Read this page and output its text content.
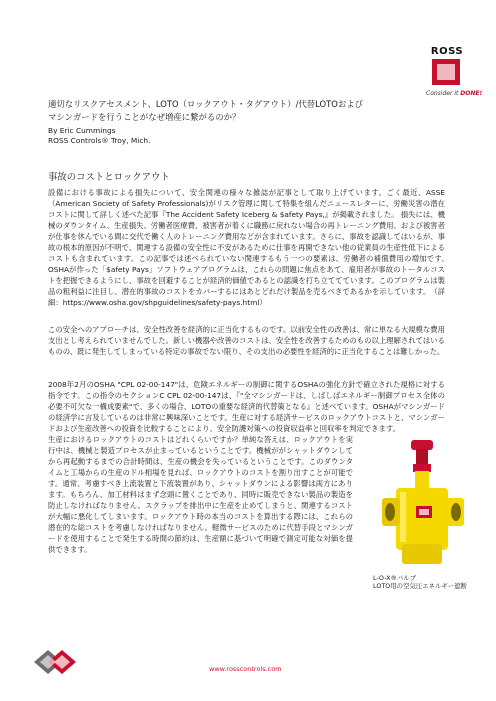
ROSS
Consider it DONE!
適切なリスクアセスメント、LOTO（ロックアウト・タグアウト）/代替LOTOおよび
マシンガードを行うことがなぜ増産に繋がるのか？
By Eric Cummings
ROSS Controls® Troy, Mich.
事故のコストとロックアウト
設備における事故による損失について、安全関連の様々な雑誌が記事として取り上げています。ごく最近、ASSE（American Society of Safety Professionals)がリスク管理に関して特集を組んだニュースレターに、労働災害の潜在コストに関して詳しく述べた記事『The Accident Safety Iceberg & $afety Pays,』が掲載されました。 損失には、機械のダウンタイム、生産損失、労働者医療費、被害者が着くに職務に戻れない場合の再トレーニング費用、および被害者が仕事を休んでいる間に交代で働く人のトレーニング費用などが含まれています。さらに、事故を認識してはいるが、事故の根本的原因が不明で、関連する設備の安全性に不安があるために仕事を再開できない他の従業員の生産性低下によるコストも含まれています。この記事では述べられていない関連するもう一つの要素は、労働者の補償費用の増加です。　OSHAが作った「$afety Pays」ソフトウェアプログラムは、これらの問題に焦点をあて、雇用者が事故のトータルコストを把握できるようにし、事故を回避することが経済的価値であるとの認識を打ち立ててています。このプログラムは製品の粗利益に注目し、潜在的事故のコストをカバーするにはあとどれだけ製品を売るべきであるかを示しています。　（詳細：https://www.osha.gov/shpguidelines/safety-pays.html）
この安全へのアプローチは、安全性改善を経済的に正当化するものです。以前安全性の改善は、常に単なる大規模な費用支出とし考えられていませんでした。新しい機器や改善のコストは、安全性を改善するためのもの以上理解されてはいるものの、既に発生してしまっている特定の事故でない限り、その支出の必要性を経済的に正当化することは難しかった。
2008年2月のOSHA "CPL 02-00-147"は、危険エネルギーの制御に関するOSHAの強化方針で確立された規格に対する指令です。この指令のセクションC CPL 02-00-147は、『"全マシンガードは、しばしばエネルギー制御プロセス全体の必要不可欠な一構成要素"で、多くの場合、LOTOの重要な経済的代替策となる』と述べています。OSHAがマシンガードの経済学に言及しているのは非常に興味深いことです。生産に対する経済サービスのロックアウトコストと、マシンガードおよび生産改善への投資を比較することにより、安全防護対策への投資収益率と回収率を判定できます。
生産におけるロックアウトのコストはどれくらいですか？単純な答えは、ロックアウトを実行中は、機械と製造プロセスが止まっているということです。機械ががシャットダウンしてから再起動するまでの合計時間は、生産の機会を失っているということです。このダウンタイムと工場からの生産のドル相場を見れば、ロックアウトのコストを割り出すことが可能です。通常、考慮すべき上流装置と下流装置があり、シャットダウンによる影響は両方にあります。もちろん、加工材料はまず念頭に置くことであり、同時に販売できない製品の製造を防止しなければなりません。スクラップを排出中に生産を止めてしまうと、関連するコストが大幅に悪化してしまいます。ロックアウト時の本当のコストを算出する際には、これらの潜在的な総コストを考慮しなければなりません。軽微サービスのために代替手段とマシンガードを使用することで発生する時間の節約は、生産額に基づいて明確で測定可能な対価を提供できます。
L-O-X®バルブ
LOTO用の空気圧エネルギー遮断
www.rosscontrols.com
